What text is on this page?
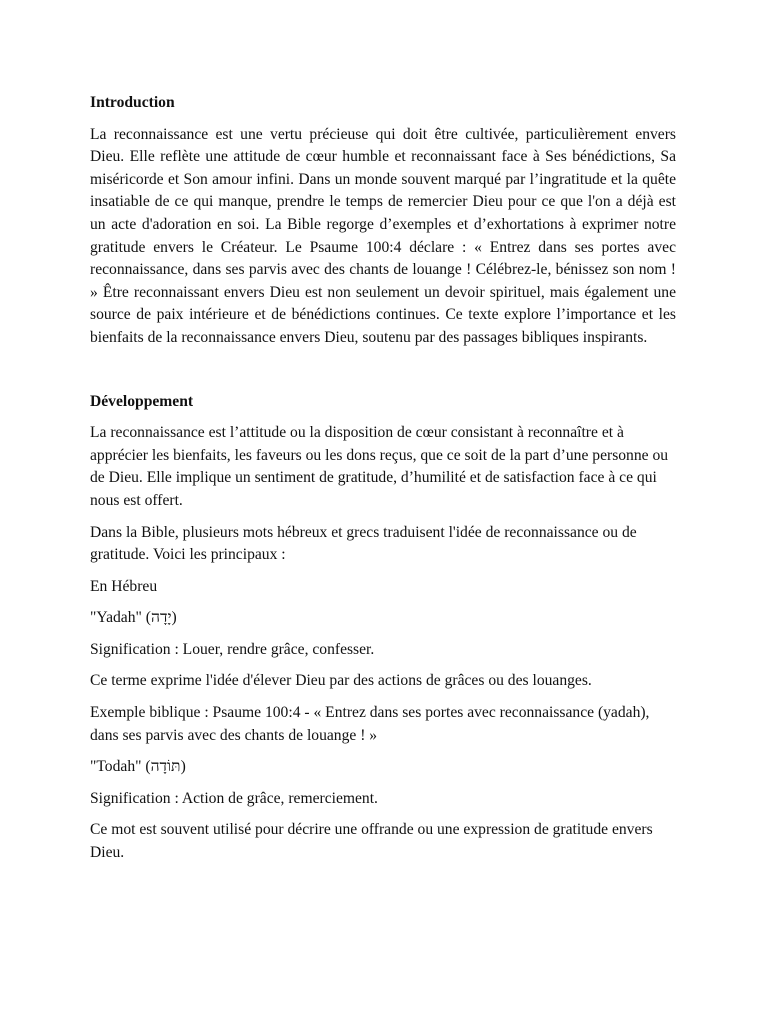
Introduction
La reconnaissance est une vertu précieuse qui doit être cultivée, particulièrement envers Dieu. Elle reflète une attitude de cœur humble et reconnaissant face à Ses bénédictions, Sa miséricorde et Son amour infini. Dans un monde souvent marqué par l’ingratitude et la quête insatiable de ce qui manque, prendre le temps de remercier Dieu pour ce que l'on a déjà est un acte d'adoration en soi. La Bible regorge d’exemples et d’exhortations à exprimer notre gratitude envers le Créateur. Le Psaume 100:4 déclare : « Entrez dans ses portes avec reconnaissance, dans ses parvis avec des chants de louange ! Célébrez-le, bénissez son nom ! » Être reconnaissant envers Dieu est non seulement un devoir spirituel, mais également une source de paix intérieure et de bénédictions continues. Ce texte explore l’importance et les bienfaits de la reconnaissance envers Dieu, soutenu par des passages bibliques inspirants.
Développement
La reconnaissance est l’attitude ou la disposition de cœur consistant à reconnaître et à apprécier les bienfaits, les faveurs ou les dons reçus, que ce soit de la part d’une personne ou de Dieu. Elle implique un sentiment de gratitude, d’humilité et de satisfaction face à ce qui nous est offert.
Dans la Bible, plusieurs mots hébreux et grecs traduisent l'idée de reconnaissance ou de gratitude. Voici les principaux :
En Hébreu
"Yadah" (יָדָה)
Signification : Louer, rendre grâce, confesser.
Ce terme exprime l'idée d'élever Dieu par des actions de grâces ou des louanges.
Exemple biblique : Psaume 100:4 - « Entrez dans ses portes avec reconnaissance (yadah), dans ses parvis avec des chants de louange ! »
"Todah" (תּוֹדָה)
Signification : Action de grâce, remerciement.
Ce mot est souvent utilisé pour décrire une offrande ou une expression de gratitude envers Dieu.
